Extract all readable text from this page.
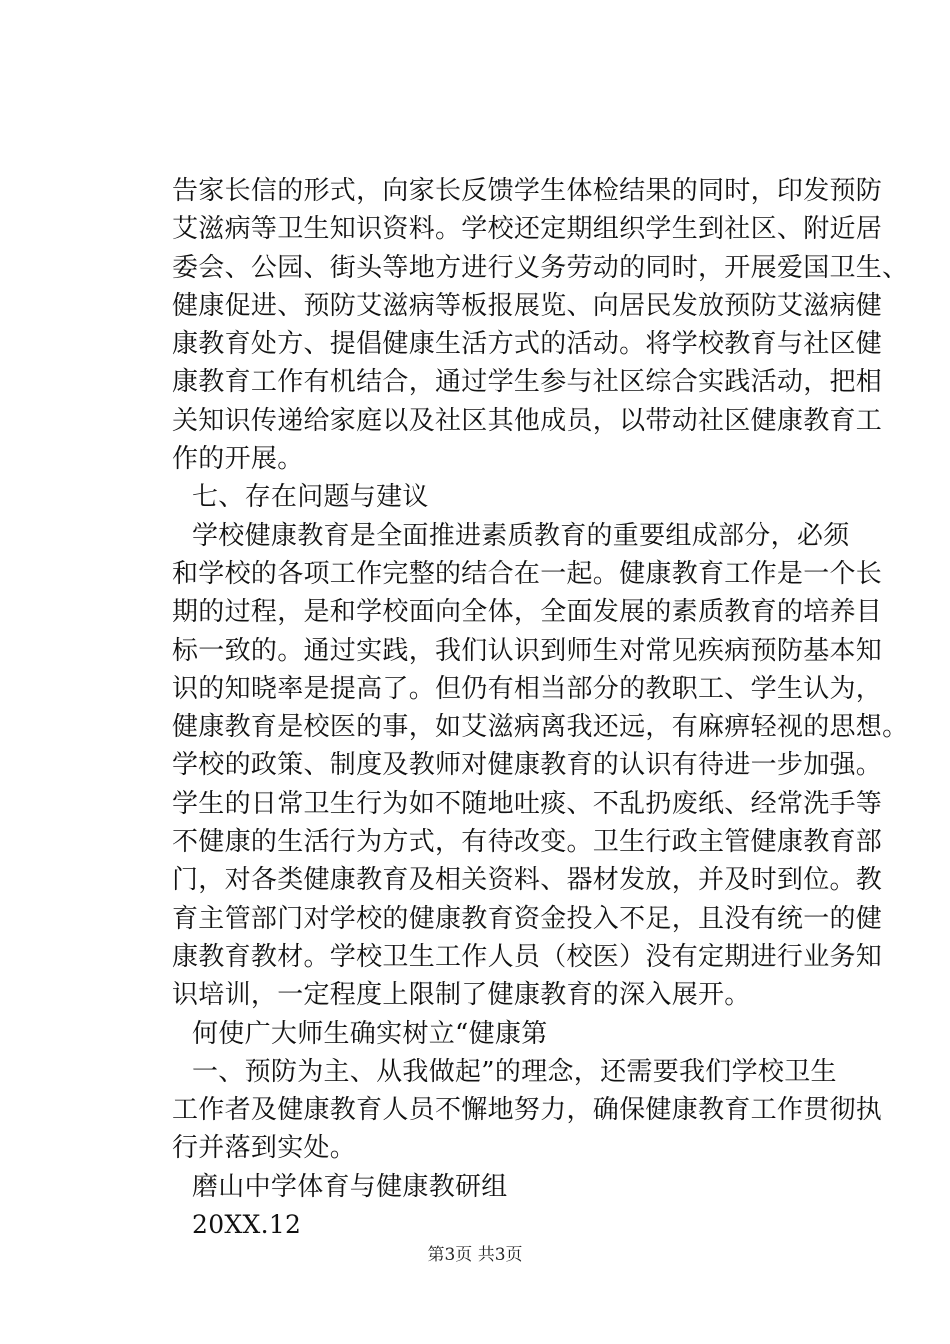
告家长信的形式，向家长反馈学生体检结果的同时，印发预防
艾滋病等卫生知识资料。学校还定期组织学生到社区、附近居
委会、公园、街头等地方进行义务劳动的同时，开展爱国卫生、
健康促进、预防艾滋病等板报展览、向居民发放预防艾滋病健
康教育处方、提倡健康生活方式的活动。将学校教育与社区健
康教育工作有机结合，通过学生参与社区综合实践活动，把相
关知识传递给家庭以及社区其他成员，以带动社区健康教育工
作的开展。
七、存在问题与建议
学校健康教育是全面推进素质教育的重要组成部分，必须
和学校的各项工作完整的结合在一起。健康教育工作是一个长
期的过程，是和学校面向全体，全面发展的素质教育的培养目
标一致的。通过实践，我们认识到师生对常见疾病预防基本知
识的知晓率是提高了。但仍有相当部分的教职工、学生认为，
健康教育是校医的事，如艾滋病离我还远，有麻痹轻视的思想。
学校的政策、制度及教师对健康教育的认识有待进一步加强。
学生的日常卫生行为如不随地吐痰、不乱扔废纸、经常洗手等
不健康的生活行为方式，有待改变。卫生行政主管健康教育部
门，对各类健康教育及相关资料、器材发放，并及时到位。教
育主管部门对学校的健康教育资金投入不足，且没有统一的健
康教育教材。学校卫生工作人员（校医）没有定期进行业务知
识培训，一定程度上限制了健康教育的深入展开。
何使广大师生确实树立“健康第
一、预防为主、从我做起”的理念，还需要我们学校卫生
工作者及健康教育人员不懈地努力，确保健康教育工作贯彻执
行并落到实处。
磨山中学体育与健康教研组
20XX.12
第3页 共3页
